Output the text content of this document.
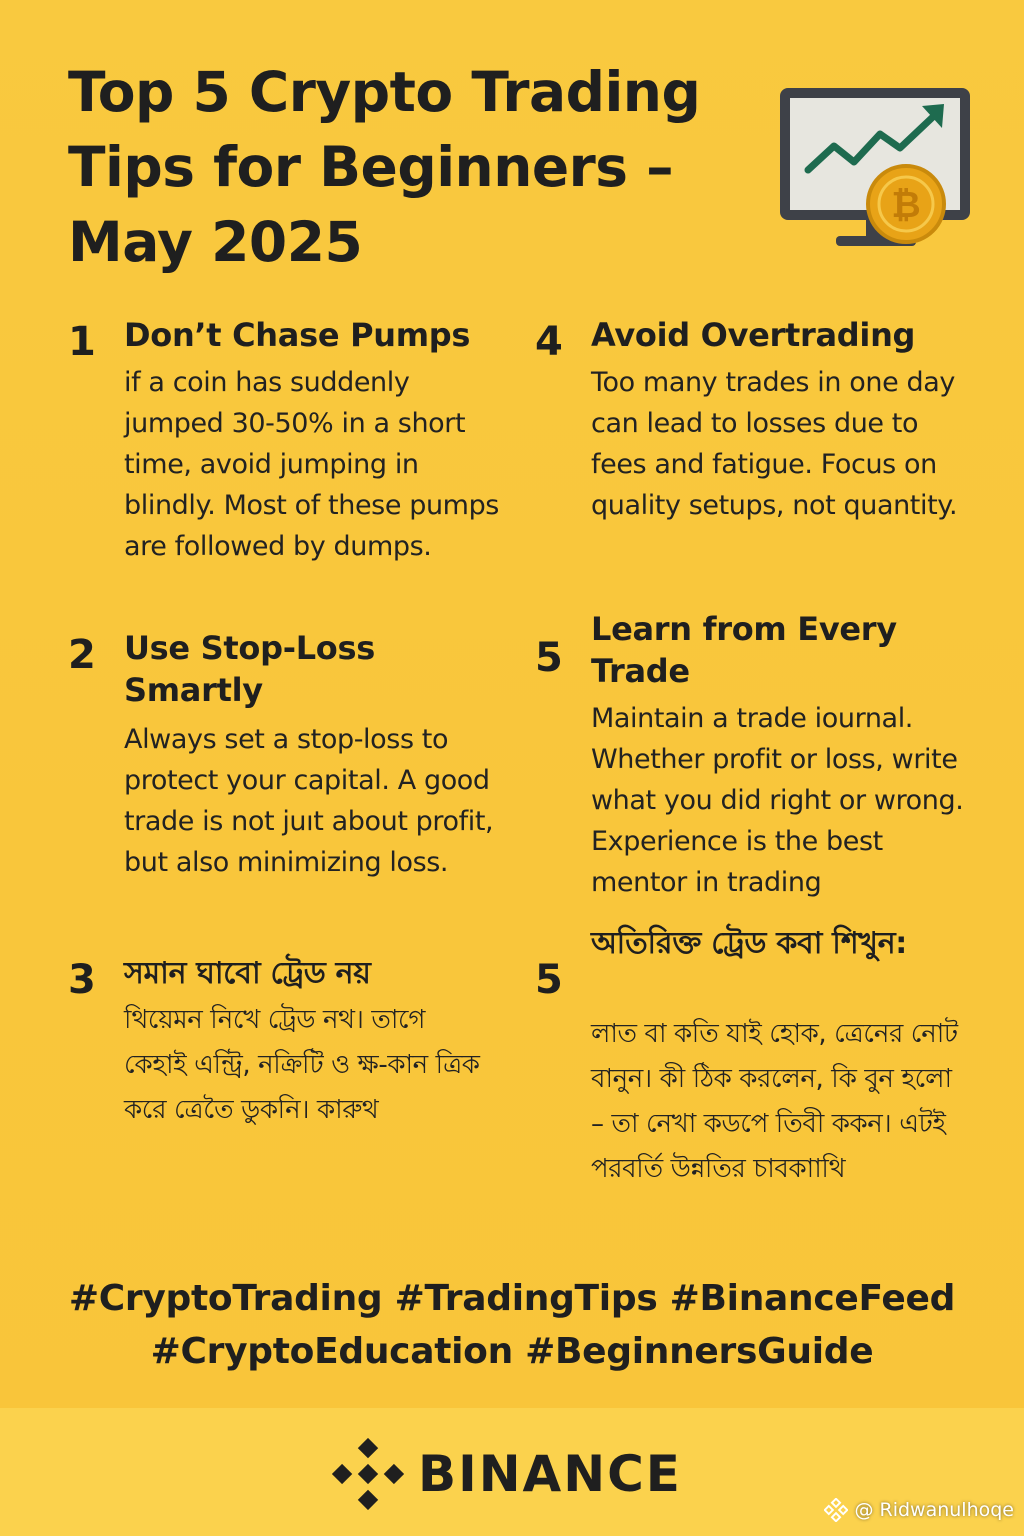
Top 5 Crypto Trading Tips for Beginners – May 2025
₿
1 Don’t Chase Pumps

if a coin has suddenly jumped 30-50% in a short time, avoid jumping in blindly. Most of these pumps are followed by dumps.

2 Use Stop-Loss Smartly

Always set a stop-loss to protect your capital. A good trade is not juıt about profit, but also minimizing loss.

3 সমান ঘাবো ট্রেড নয়

থিয়েমন নিখে ট্রেড নথ। তাগে কেহাই এন্ট্রি, নক্রিটি ও ক্ষ-কান ত্রিক করে ত্রেতৈ ডুকনি। কারুথ

4 Avoid Overtrading

Too many trades in one day can lead to losses due to fees and fatigue. Focus on quality setups, not quantity.

5
Learn from Every Trade

Maintain a trade iournal. Whether profit or loss, write what you did right or wrong. Experience is the best mentor in trading

5
অতিরিক্ত ট্রেড কবা শিখুন:

লাত বা কতি যাই হোক, ত্রেনের নোট বানুন। কী ঠিক করলেন, কি বুন হলো – তা নেখা কডপে তিবী ককন। এটই পরবর্তি উন্নতির চাবকাাথি

#CryptoTrading #TradingTips #BinanceFeed
#CryptoEducation #BeginnersGuide
BINANCE
@ Ridwanulhoqe
